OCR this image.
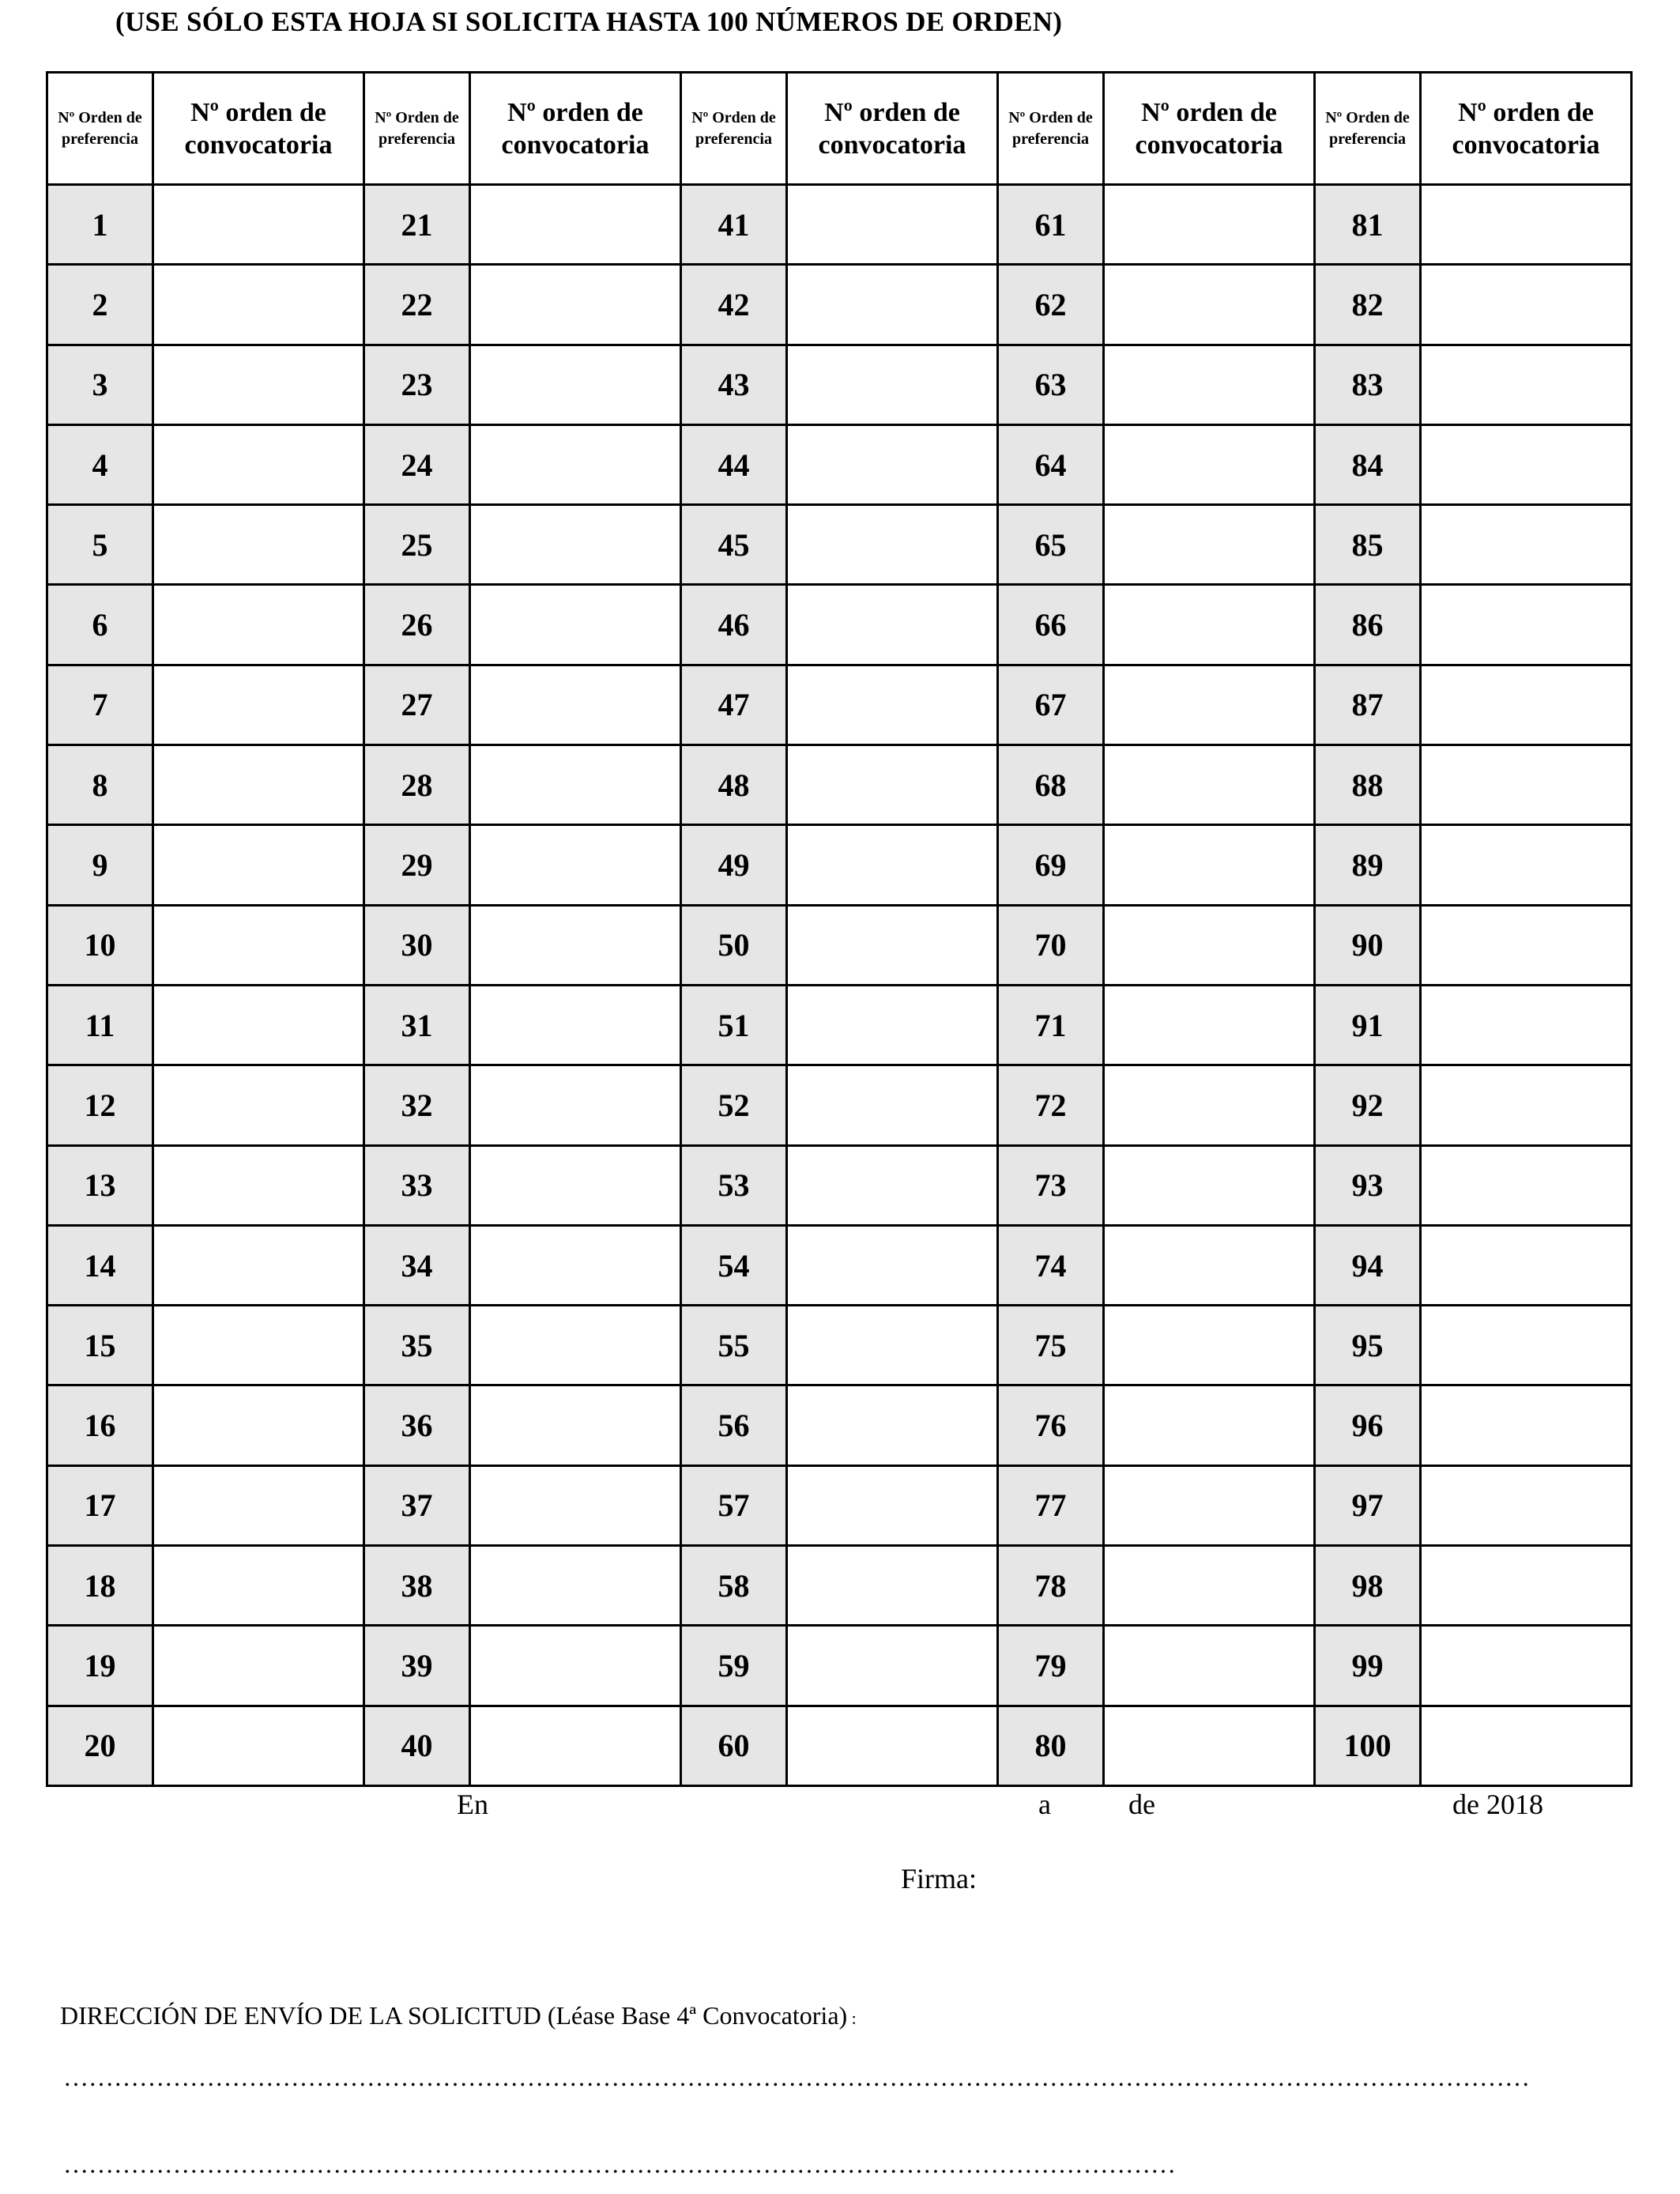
(USE SÓLO ESTA HOJA SI SOLICITA HASTA 100 NÚMEROS DE ORDEN)
Nº Orden de preferencia	Nº orden de convocatoria	Nº Orden de preferencia	Nº orden de convocatoria	Nº Orden de preferencia	Nº orden de convocatoria	Nº Orden de preferencia	Nº orden de convocatoria	Nº Orden de preferencia	Nº orden de convocatoria
1		21		41		61		81	
2		22		42		62		82	
3		23		43		63		83	
4		24		44		64		84	
5		25		45		65		85	
6		26		46		66		86	
7		27		47		67		87	
8		28		48		68		88	
9		29		49		69		89	
10		30		50		70		90	
11		31		51		71		91	
12		32		52		72		92	
13		33		53		73		93	
14		34		54		74		94	
15		35		55		75		95	
16		36		56		76		96	
17		37		57		77		97	
18		38		58		78		98	
19		39		59		79		99	
20		40		60		80		100	
En	a	de	de 2018
Firma:
DIRECCIÓN DE ENVÍO DE LA SOLICITUD (Léase Base 4ª Convocatoria) :
…………………………………………………………………………………………………………………………………………………………
……………………………………………………………………………………………………………………
